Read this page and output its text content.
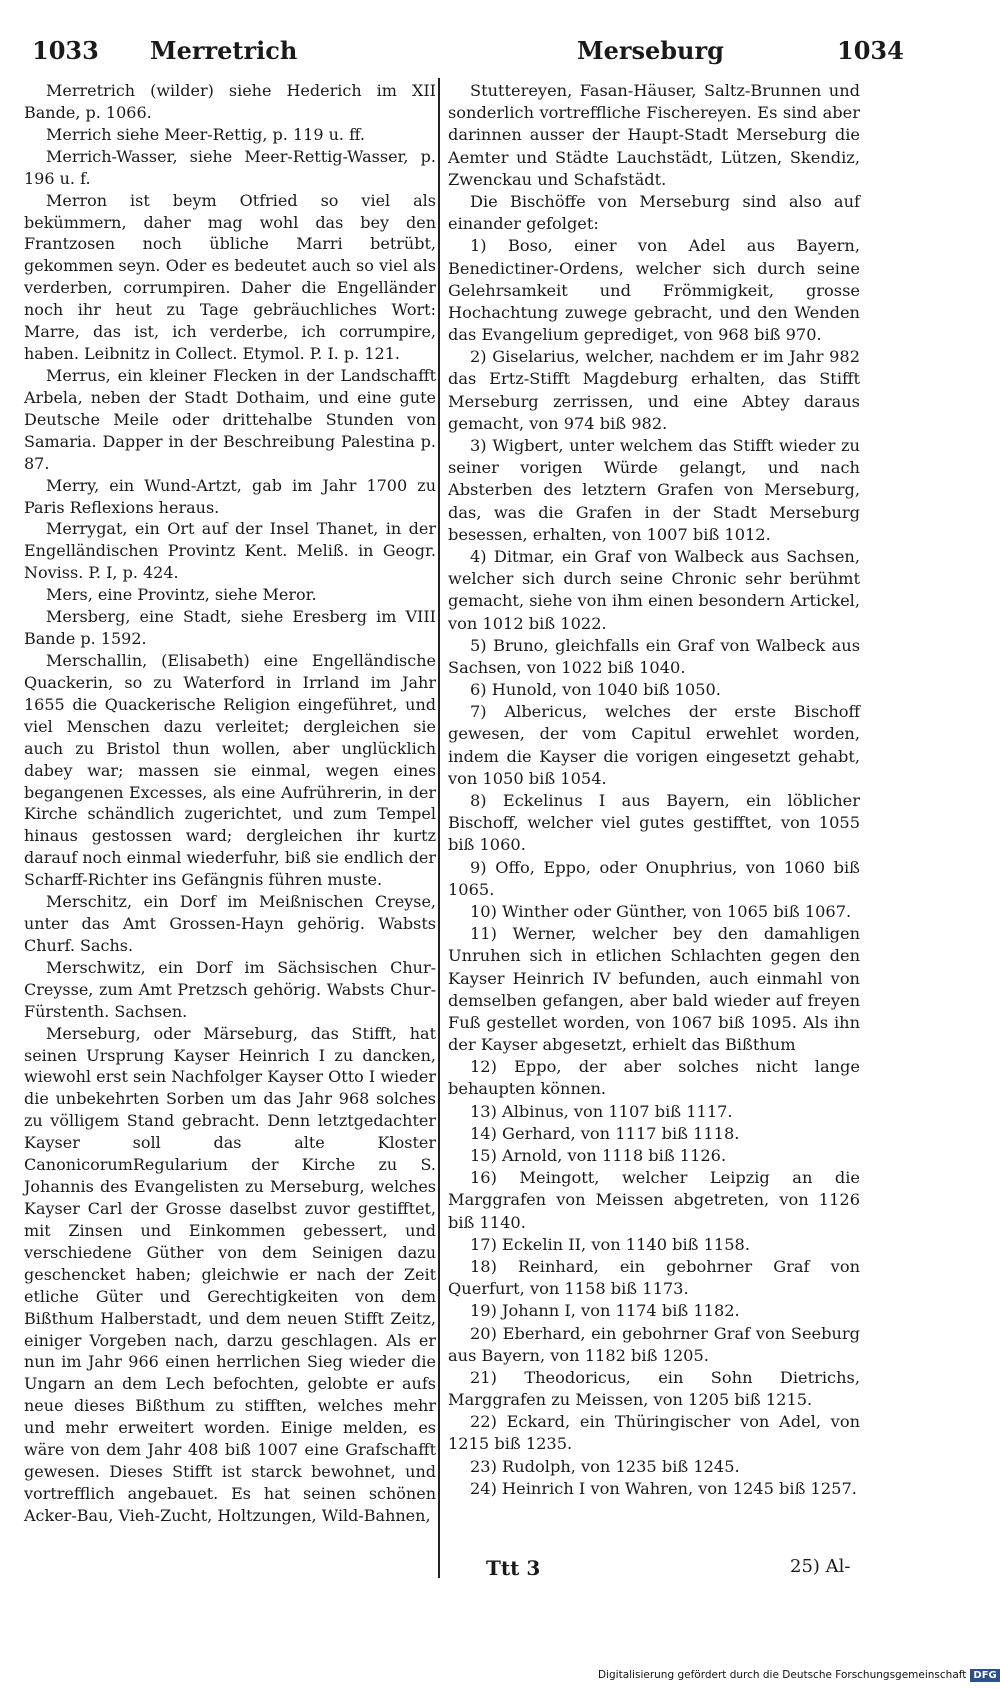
1033 Merretrich	Merseburg	1034

Merretrich (wilder) siehe Hederich im XII Bande, p. 1066.

Merrich siehe Meer-Rettig, p. 119 u. ff.

Merrich-Wasser, siehe Meer-Rettig-Wasser, p. 196 u. f.

Merron ist beym Otfried so viel als bekümmern, daher mag wohl das bey den Frantzosen noch übliche Marri betrübt, gekommen seyn. Oder es bedeutet auch so viel als verderben, corrumpiren. Daher die Engelländer noch ihr heut zu Tage gebräuchliches Wort: Marre, das ist, ich verderbe, ich corrumpire, haben. Leibnitz in Collect. Etymol. P. I. p. 121.

Merrus, ein kleiner Flecken in der Landschafft Arbela, neben der Stadt Dothaim, und eine gute Deutsche Meile oder drittehalbe Stunden von Samaria. Dapper in der Beschreibung Palestina p. 87.

Merry, ein Wund-Artzt, gab im Jahr 1700 zu Paris Reflexions heraus.

Merrygat, ein Ort auf der Insel Thanet, in der Engelländischen Provintz Kent. Meliß. in Geogr. Noviss. P. I, p. 424.

Mers, eine Provintz, siehe Meror.

Mersberg, eine Stadt, siehe Eresberg im VIII Bande p. 1592.

Merschallin, (Elisabeth) eine Engelländische Quackerin, so zu Waterford in Irrland im Jahr 1655 die Quackerische Religion eingeführet, und viel Menschen dazu verleitet; dergleichen sie auch zu Bristol thun wollen, aber unglücklich dabey war; massen sie einmal, wegen eines begangenen Excesses, als eine Aufrührerin, in der Kirche schändlich zugerichtet, und zum Tempel hinaus gestossen ward; dergleichen ihr kurtz darauf noch einmal wiederfuhr, biß sie endlich der Scharff-Richter ins Gefängnis führen muste.

Merschitz, ein Dorf im Meißnischen Creyse, unter das Amt Grossen-Hayn gehörig. Wabsts Churf. Sachs.

Merschwitz, ein Dorf im Sächsischen Chur-Creysse, zum Amt Pretzsch gehörig. Wabsts Chur-Fürstenth. Sachsen.

Merseburg, oder Märseburg, das Stifft, hat seinen Ursprung Kayser Heinrich I zu dancken, wiewohl erst sein Nachfolger Kayser Otto I wieder die unbekehrten Sorben um das Jahr 968 solches zu völligem Stand gebracht. Denn letztgedachter Kayser soll das alte Kloster CanonicorumRegularium der Kirche zu S. Johannis des Evangelisten zu Merseburg, welches Kayser Carl der Grosse daselbst zuvor gestifftet, mit Zinsen und Einkommen gebessert, und verschiedene Güther von dem Seinigen dazu geschencket haben; gleichwie er nach der Zeit etliche Güter und Gerechtigkeiten von dem Bißthum Halberstadt, und dem neuen Stifft Zeitz, einiger Vorgeben nach, darzu geschlagen. Als er nun im Jahr 966 einen herrlichen Sieg wieder die Ungarn an dem Lech befochten, gelobte er aufs neue dieses Bißthum zu stifften, welches mehr und mehr erweitert worden. Einige melden, es wäre von dem Jahr 408 biß 1007 eine Grafschafft gewesen. Dieses Stifft ist starck bewohnet, und vortrefflich angebauet. Es hat seinen schönen Acker-Bau, Vieh-Zucht, Holtzungen, Wild-Bahnen,

Stuttereyen, Fasan-Häuser, Saltz-Brunnen und sonderlich vortreffliche Fischereyen. Es sind aber darinnen ausser der Haupt-Stadt Merseburg die Aemter und Städte Lauchstädt, Lützen, Skendiz, Zwenckau und Schafstädt.

Die Bischöffe von Merseburg sind also auf einander gefolget:

1) Boso, einer von Adel aus Bayern, Benedictiner-Ordens, welcher sich durch seine Gelehrsamkeit und Frömmigkeit, grosse Hochachtung zuwege gebracht, und den Wenden das Evangelium geprediget, von 968 biß 970.

2) Giselarius, welcher, nachdem er im Jahr 982 das Ertz-Stifft Magdeburg erhalten, das Stifft Merseburg zerrissen, und eine Abtey daraus gemacht, von 974 biß 982.

3) Wigbert, unter welchem das Stifft wieder zu seiner vorigen Würde gelangt, und nach Absterben des letztern Grafen von Merseburg, das, was die Grafen in der Stadt Merseburg besessen, erhalten, von 1007 biß 1012.

4) Ditmar, ein Graf von Walbeck aus Sachsen, welcher sich durch seine Chronic sehr berühmt gemacht, siehe von ihm einen besondern Artickel, von 1012 biß 1022.

5) Bruno, gleichfalls ein Graf von Walbeck aus Sachsen, von 1022 biß 1040.

6) Hunold, von 1040 biß 1050.

7) Albericus, welches der erste Bischoff gewesen, der vom Capitul erwehlet worden, indem die Kayser die vorigen eingesetzt gehabt, von 1050 biß 1054.

8) Eckelinus I aus Bayern, ein löblicher Bischoff, welcher viel gutes gestifftet, von 1055 biß 1060.

9) Offo, Eppo, oder Onuphrius, von 1060 biß 1065.

10) Winther oder Günther, von 1065 biß 1067.

11) Werner, welcher bey den damahligen Unruhen sich in etlichen Schlachten gegen den Kayser Heinrich IV befunden, auch einmahl von demselben gefangen, aber bald wieder auf freyen Fuß gestellet worden, von 1067 biß 1095. Als ihn der Kayser abgesetzt, erhielt das Bißthum

12) Eppo, der aber solches nicht lange behaupten können.

13) Albinus, von 1107 biß 1117.

14) Gerhard, von 1117 biß 1118.

15) Arnold, von 1118 biß 1126.

16) Meingott, welcher Leipzig an die Marggrafen von Meissen abgetreten, von 1126 biß 1140.

17) Eckelin II, von 1140 biß 1158.

18) Reinhard, ein gebohrner Graf von Querfurt, von 1158 biß 1173.

19) Johann I, von 1174 biß 1182.

20) Eberhard, ein gebohrner Graf von Seeburg aus Bayern, von 1182 biß 1205.

21) Theodoricus, ein Sohn Dietrichs, Marggrafen zu Meissen, von 1205 biß 1215.

22) Eckard, ein Thüringischer von Adel, von 1215 biß 1235.

23) Rudolph, von 1235 biß 1245.

24) Heinrich I von Wahren, von 1245 biß 1257.

Ttt 3	25) Al-
Digitalisierung gefördert durch die Deutsche Forschungsgemeinschaft DFG
